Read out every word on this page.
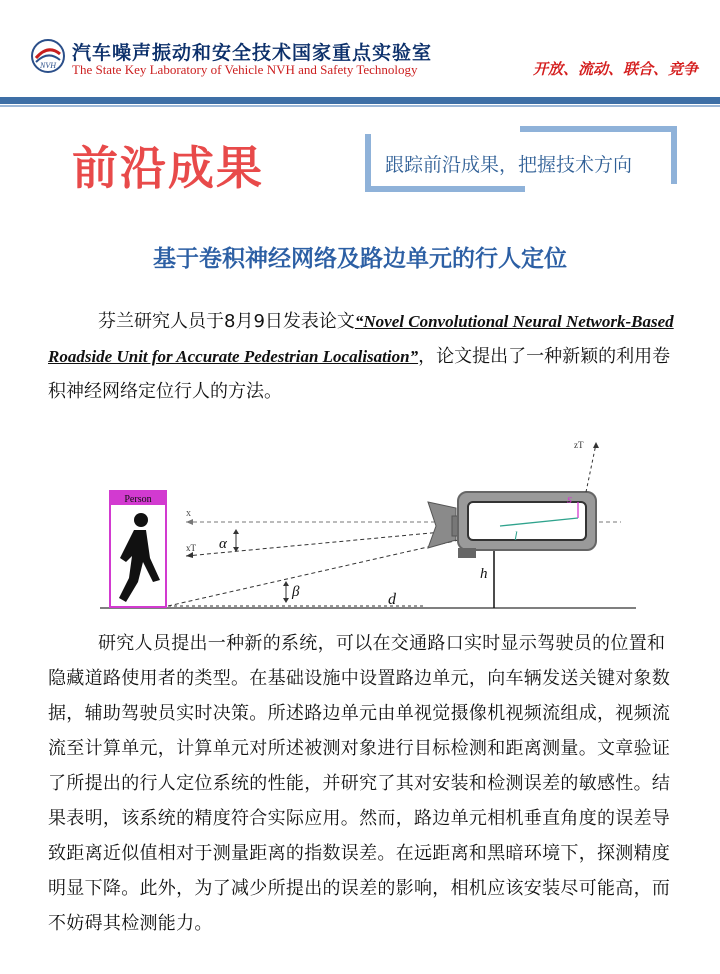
NVH
汽车噪声振动和安全技术国家重点实验室
The State Key Laboratory of Vehicle NVH and Safety Technology	开放、流动、联合、竞争
前沿成果	跟踪前沿成果，把握技术方向
基于卷积神经网络及路边单元的行人定位
芬兰研究人员于8月9日发表论文“Novel Convolutional Neural Network-Based Roadside Unit for Accurate Pedestrian Localisation”，论文提出了一种新颖的利用卷积神经网络定位行人的方法。
Person
x
xT α
β	d
h
l
s
zT
研究人员提出一种新的系统，可以在交通路口实时显示驾驶员的位置和隐藏道路使用者的类型。在基础设施中设置路边单元，向车辆发送关键对象数据，辅助驾驶员实时决策。所述路边单元由单视觉摄像机视频流组成，视频流流至计算单元，计算单元对所述被测对象进行目标检测和距离测量。文章验证了所提出的行人定位系统的性能，并研究了其对安装和检测误差的敏感性。结果表明，该系统的精度符合实际应用。然而，路边单元相机垂直角度的误差导致距离近似值相对于测量距离的指数误差。在远距离和黑暗环境下，探测精度明显下降。此外，为了减少所提出的误差的影响，相机应该安装尽可能高，而不妨碍其检测能力。
